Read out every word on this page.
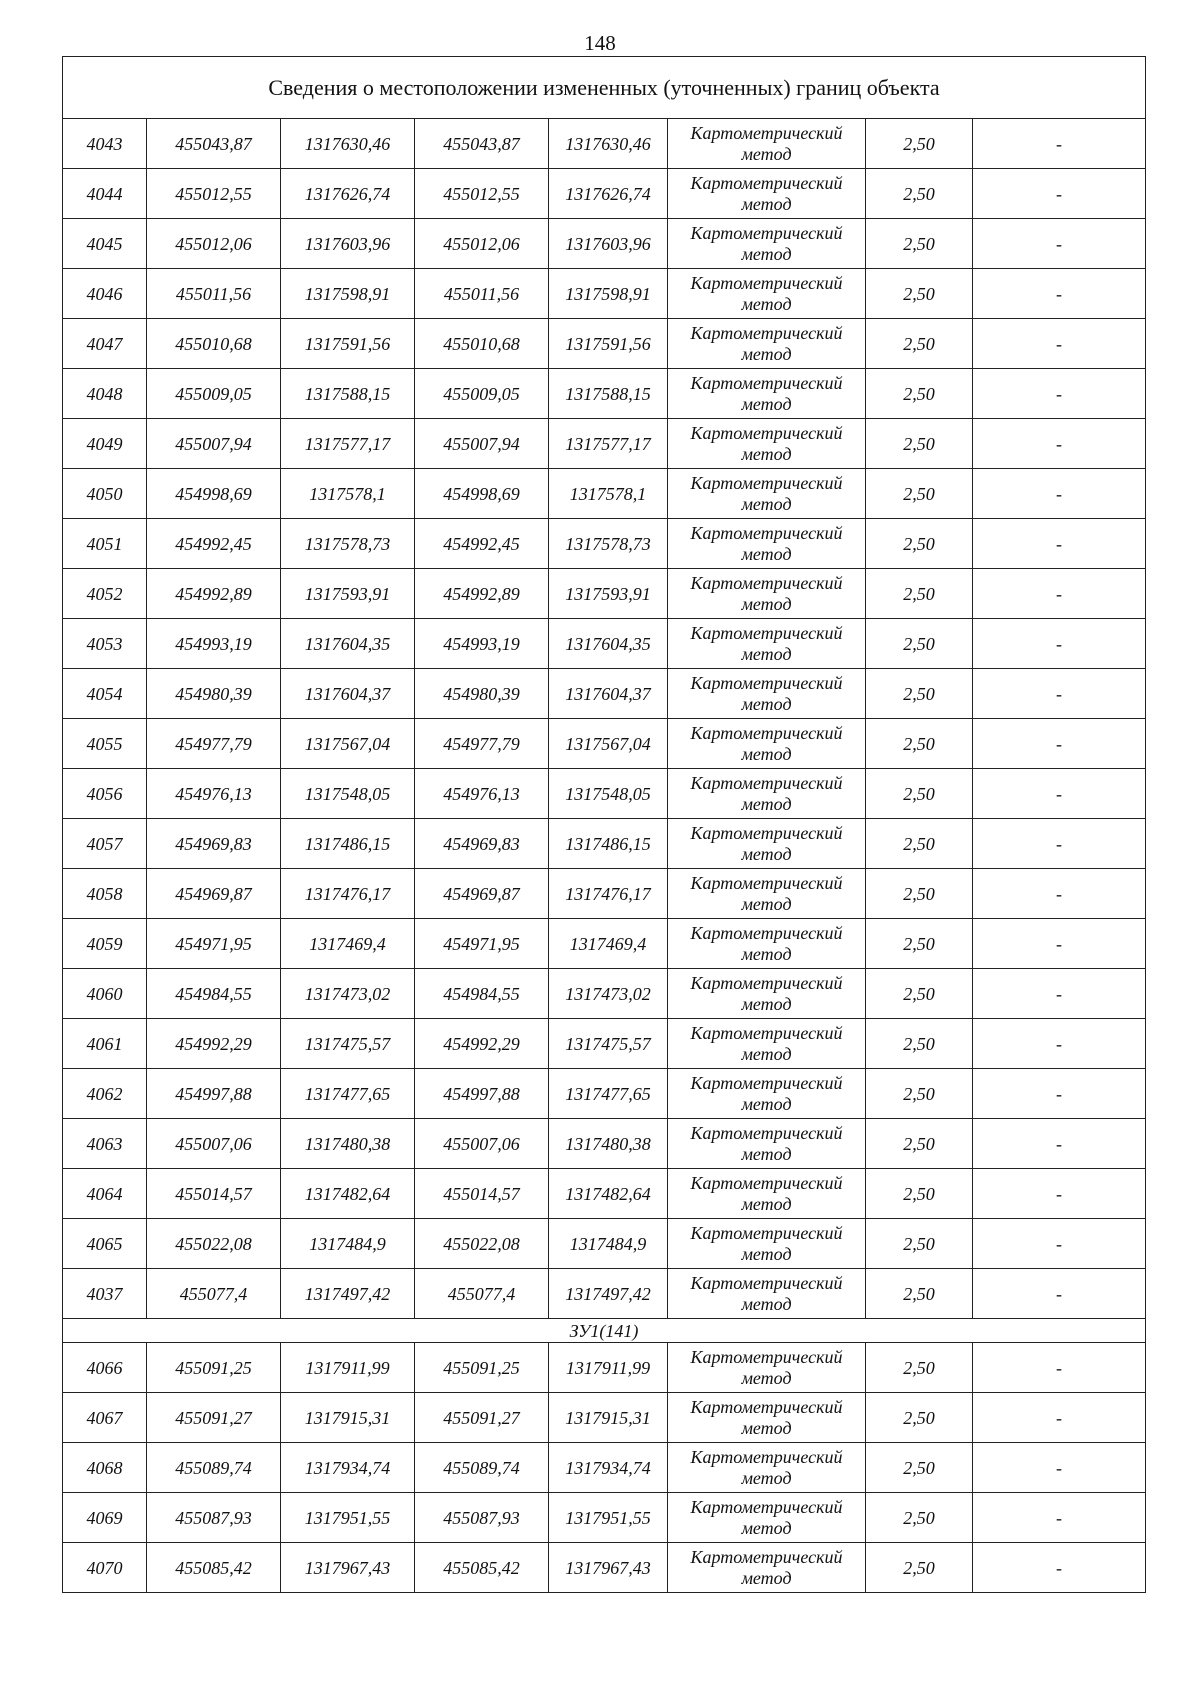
148
Сведения о местоположении измененных (уточненных) границ объекта							
4043	455043,87	1317630,46	455043,87	1317630,46	Картометрический
метод	2,50	-
4044	455012,55	1317626,74	455012,55	1317626,74	Картометрический
метод	2,50	-
4045	455012,06	1317603,96	455012,06	1317603,96	Картометрический
метод	2,50	-
4046	455011,56	1317598,91	455011,56	1317598,91	Картометрический
метод	2,50	-
4047	455010,68	1317591,56	455010,68	1317591,56	Картометрический
метод	2,50	-
4048	455009,05	1317588,15	455009,05	1317588,15	Картометрический
метод	2,50	-
4049	455007,94	1317577,17	455007,94	1317577,17	Картометрический
метод	2,50	-
4050	454998,69	1317578,1	454998,69	1317578,1	Картометрический
метод	2,50	-
4051	454992,45	1317578,73	454992,45	1317578,73	Картометрический
метод	2,50	-
4052	454992,89	1317593,91	454992,89	1317593,91	Картометрический
метод	2,50	-
4053	454993,19	1317604,35	454993,19	1317604,35	Картометрический
метод	2,50	-
4054	454980,39	1317604,37	454980,39	1317604,37	Картометрический
метод	2,50	-
4055	454977,79	1317567,04	454977,79	1317567,04	Картометрический
метод	2,50	-
4056	454976,13	1317548,05	454976,13	1317548,05	Картометрический
метод	2,50	-
4057	454969,83	1317486,15	454969,83	1317486,15	Картометрический
метод	2,50	-
4058	454969,87	1317476,17	454969,87	1317476,17	Картометрический
метод	2,50	-
4059	454971,95	1317469,4	454971,95	1317469,4	Картометрический
метод	2,50	-
4060	454984,55	1317473,02	454984,55	1317473,02	Картометрический
метод	2,50	-
4061	454992,29	1317475,57	454992,29	1317475,57	Картометрический
метод	2,50	-
4062	454997,88	1317477,65	454997,88	1317477,65	Картометрический
метод	2,50	-
4063	455007,06	1317480,38	455007,06	1317480,38	Картометрический
метод	2,50	-
4064	455014,57	1317482,64	455014,57	1317482,64	Картометрический
метод	2,50	-
4065	455022,08	1317484,9	455022,08	1317484,9	Картометрический
метод	2,50	-
4037	455077,4	1317497,42	455077,4	1317497,42	Картометрический
метод	2,50	-
ЗУ1(141)							
4066	455091,25	1317911,99	455091,25	1317911,99	Картометрический
метод	2,50	-
4067	455091,27	1317915,31	455091,27	1317915,31	Картометрический
метод	2,50	-
4068	455089,74	1317934,74	455089,74	1317934,74	Картометрический
метод	2,50	-
4069	455087,93	1317951,55	455087,93	1317951,55	Картометрический
метод	2,50	-
4070	455085,42	1317967,43	455085,42	1317967,43	Картометрический
метод	2,50	-
